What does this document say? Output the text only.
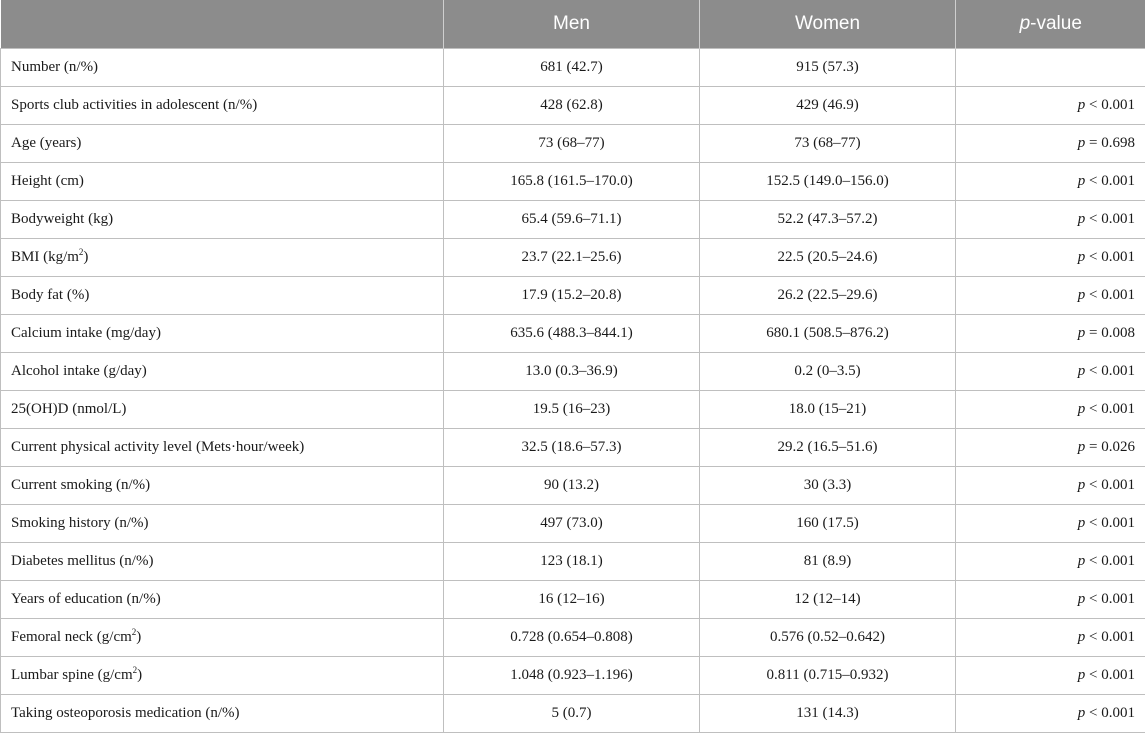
	Men	Women	p-value
Number (n/%)	681 (42.7)	915 (57.3)	
Sports club activities in adolescent (n/%)	428 (62.8)	429 (46.9)	p < 0.001
Age (years)	73 (68–77)	73 (68–77)	p = 0.698
Height (cm)	165.8 (161.5–170.0)	152.5 (149.0–156.0)	p < 0.001
Bodyweight (kg)	65.4 (59.6–71.1)	52.2 (47.3–57.2)	p < 0.001
BMI $(kg/m^2)$	23.7 (22.1–25.6)	22.5 (20.5–24.6)	p < 0.001
Body fat (%)	17.9 (15.2–20.8)	26.2 (22.5–29.6)	p < 0.001
Calcium intake (mg/day)	635.6 (488.3–844.1)	680.1 (508.5–876.2)	p = 0.008
Alcohol intake (g/day)	13.0 (0.3–36.9)	0.2 (0–3.5)	p < 0.001
25(OH)D (nmol/L)	19.5 (16–23)	18.0 (15–21)	p < 0.001
Current physical activity level (Mets·hour/week)	32.5 (18.6–57.3)	29.2 (16.5–51.6)	p = 0.026
Current smoking (n/%)	90 (13.2)	30 (3.3)	p < 0.001
Smoking history (n/%)	497 (73.0)	160 (17.5)	p < 0.001
Diabetes mellitus (n/%)	123 (18.1)	81 (8.9)	p < 0.001
Years of education (n/%)	16 (12–16)	12 (12–14)	p < 0.001
Femoral neck $(g/cm^2)$	0.728 (0.654–0.808)	0.576 (0.52–0.642)	p < 0.001
Lumbar spine $(g/cm^2)$	1.048 (0.923–1.196)	0.811 (0.715–0.932)	p < 0.001
Taking osteoporosis medication (n/%)	5 (0.7)	131 (14.3)	p < 0.001
